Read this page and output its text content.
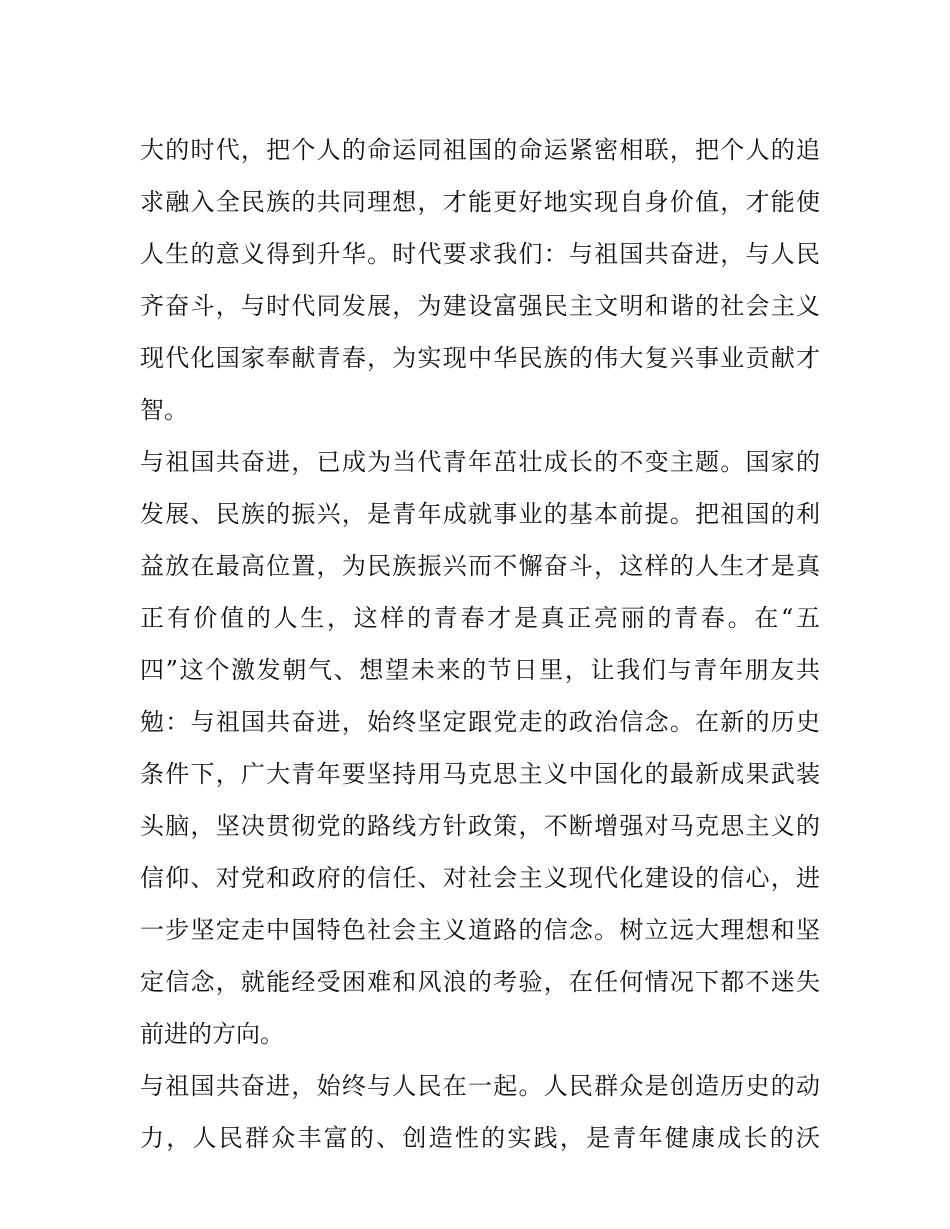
大的时代，把个人的命运同祖国的命运紧密相联，把个人的追
求融入全民族的共同理想，才能更好地实现自身价值，才能使
人生的意义得到升华。时代要求我们：与祖国共奋进，与人民
齐奋斗，与时代同发展，为建设富强民主文明和谐的社会主义
现代化国家奉献青春，为实现中华民族的伟大复兴事业贡献才
智。
与祖国共奋进，已成为当代青年茁壮成长的不变主题。国家的
发展、民族的振兴，是青年成就事业的基本前提。把祖国的利
益放在最高位置，为民族振兴而不懈奋斗，这样的人生才是真
正有价值的人生，这样的青春才是真正亮丽的青春。在“五
四”这个激发朝气、想望未来的节日里，让我们与青年朋友共
勉：与祖国共奋进，始终坚定跟党走的政治信念。在新的历史
条件下，广大青年要坚持用马克思主义中国化的最新成果武装
头脑，坚决贯彻党的路线方针政策，不断增强对马克思主义的
信仰、对党和政府的信任、对社会主义现代化建设的信心，进
一步坚定走中国特色社会主义道路的信念。树立远大理想和坚
定信念，就能经受困难和风浪的考验，在任何情况下都不迷失
前进的方向。
与祖国共奋进，始终与人民在一起。人民群众是创造历史的动
力，人民群众丰富的、创造性的实践，是青年健康成长的沃
